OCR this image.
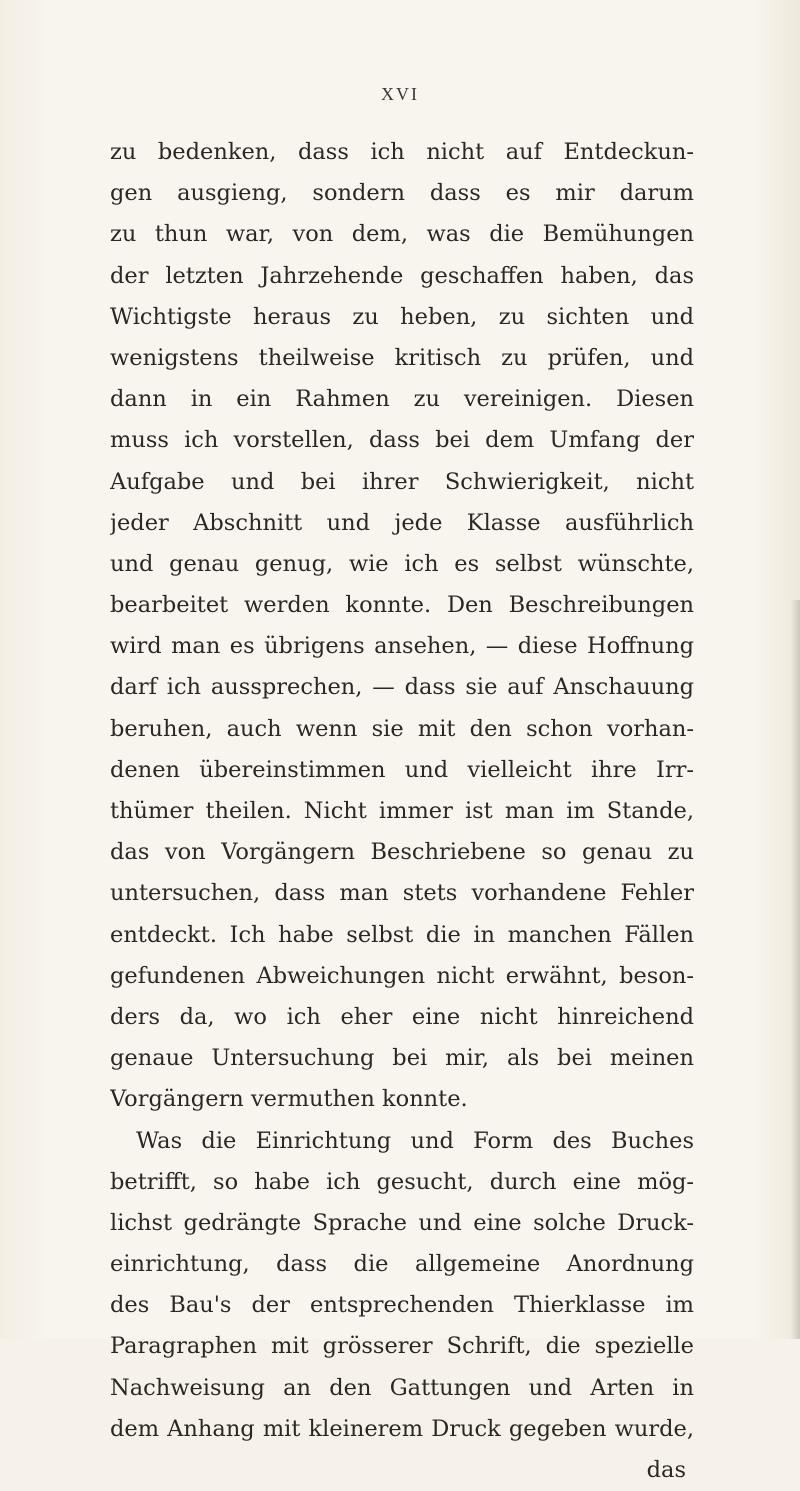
XVI
zu bedenken, dass ich nicht auf Entdeckun-
gen ausgieng, sondern dass es mir darum
zu thun war, von dem, was die Bemühungen
der letzten Jahrzehende geschaffen haben, das
Wichtigste heraus zu heben, zu sichten und
wenigstens theilweise kritisch zu prüfen, und
dann in ein Rahmen zu vereinigen. Diesen
muss ich vorstellen, dass bei dem Umfang der
Aufgabe und bei ihrer Schwierigkeit, nicht
jeder Abschnitt und jede Klasse ausführlich
und genau genug, wie ich es selbst wünschte,
bearbeitet werden konnte. Den Beschreibungen
wird man es übrigens ansehen, — diese Hoffnung
darf ich aussprechen, — dass sie auf Anschauung
beruhen, auch wenn sie mit den schon vorhan-
denen übereinstimmen und vielleicht ihre Irr-
thümer theilen. Nicht immer ist man im Stande,
das von Vorgängern Beschriebene so genau zu
untersuchen, dass man stets vorhandene Fehler
entdeckt. Ich habe selbst die in manchen Fällen
gefundenen Abweichungen nicht erwähnt, beson-
ders da, wo ich eher eine nicht hinreichend
genaue Untersuchung bei mir, als bei meinen
Vorgängern vermuthen konnte.
Was die Einrichtung und Form des Buches
betrifft, so habe ich gesucht, durch eine mög-
lichst gedrängte Sprache und eine solche Druck-
einrichtung, dass die allgemeine Anordnung
des Bau's der entsprechenden Thierklasse im
Paragraphen mit grösserer Schrift, die spezielle
Nachweisung an den Gattungen und Arten in
dem Anhang mit kleinerem Druck gegeben wurde,
das
